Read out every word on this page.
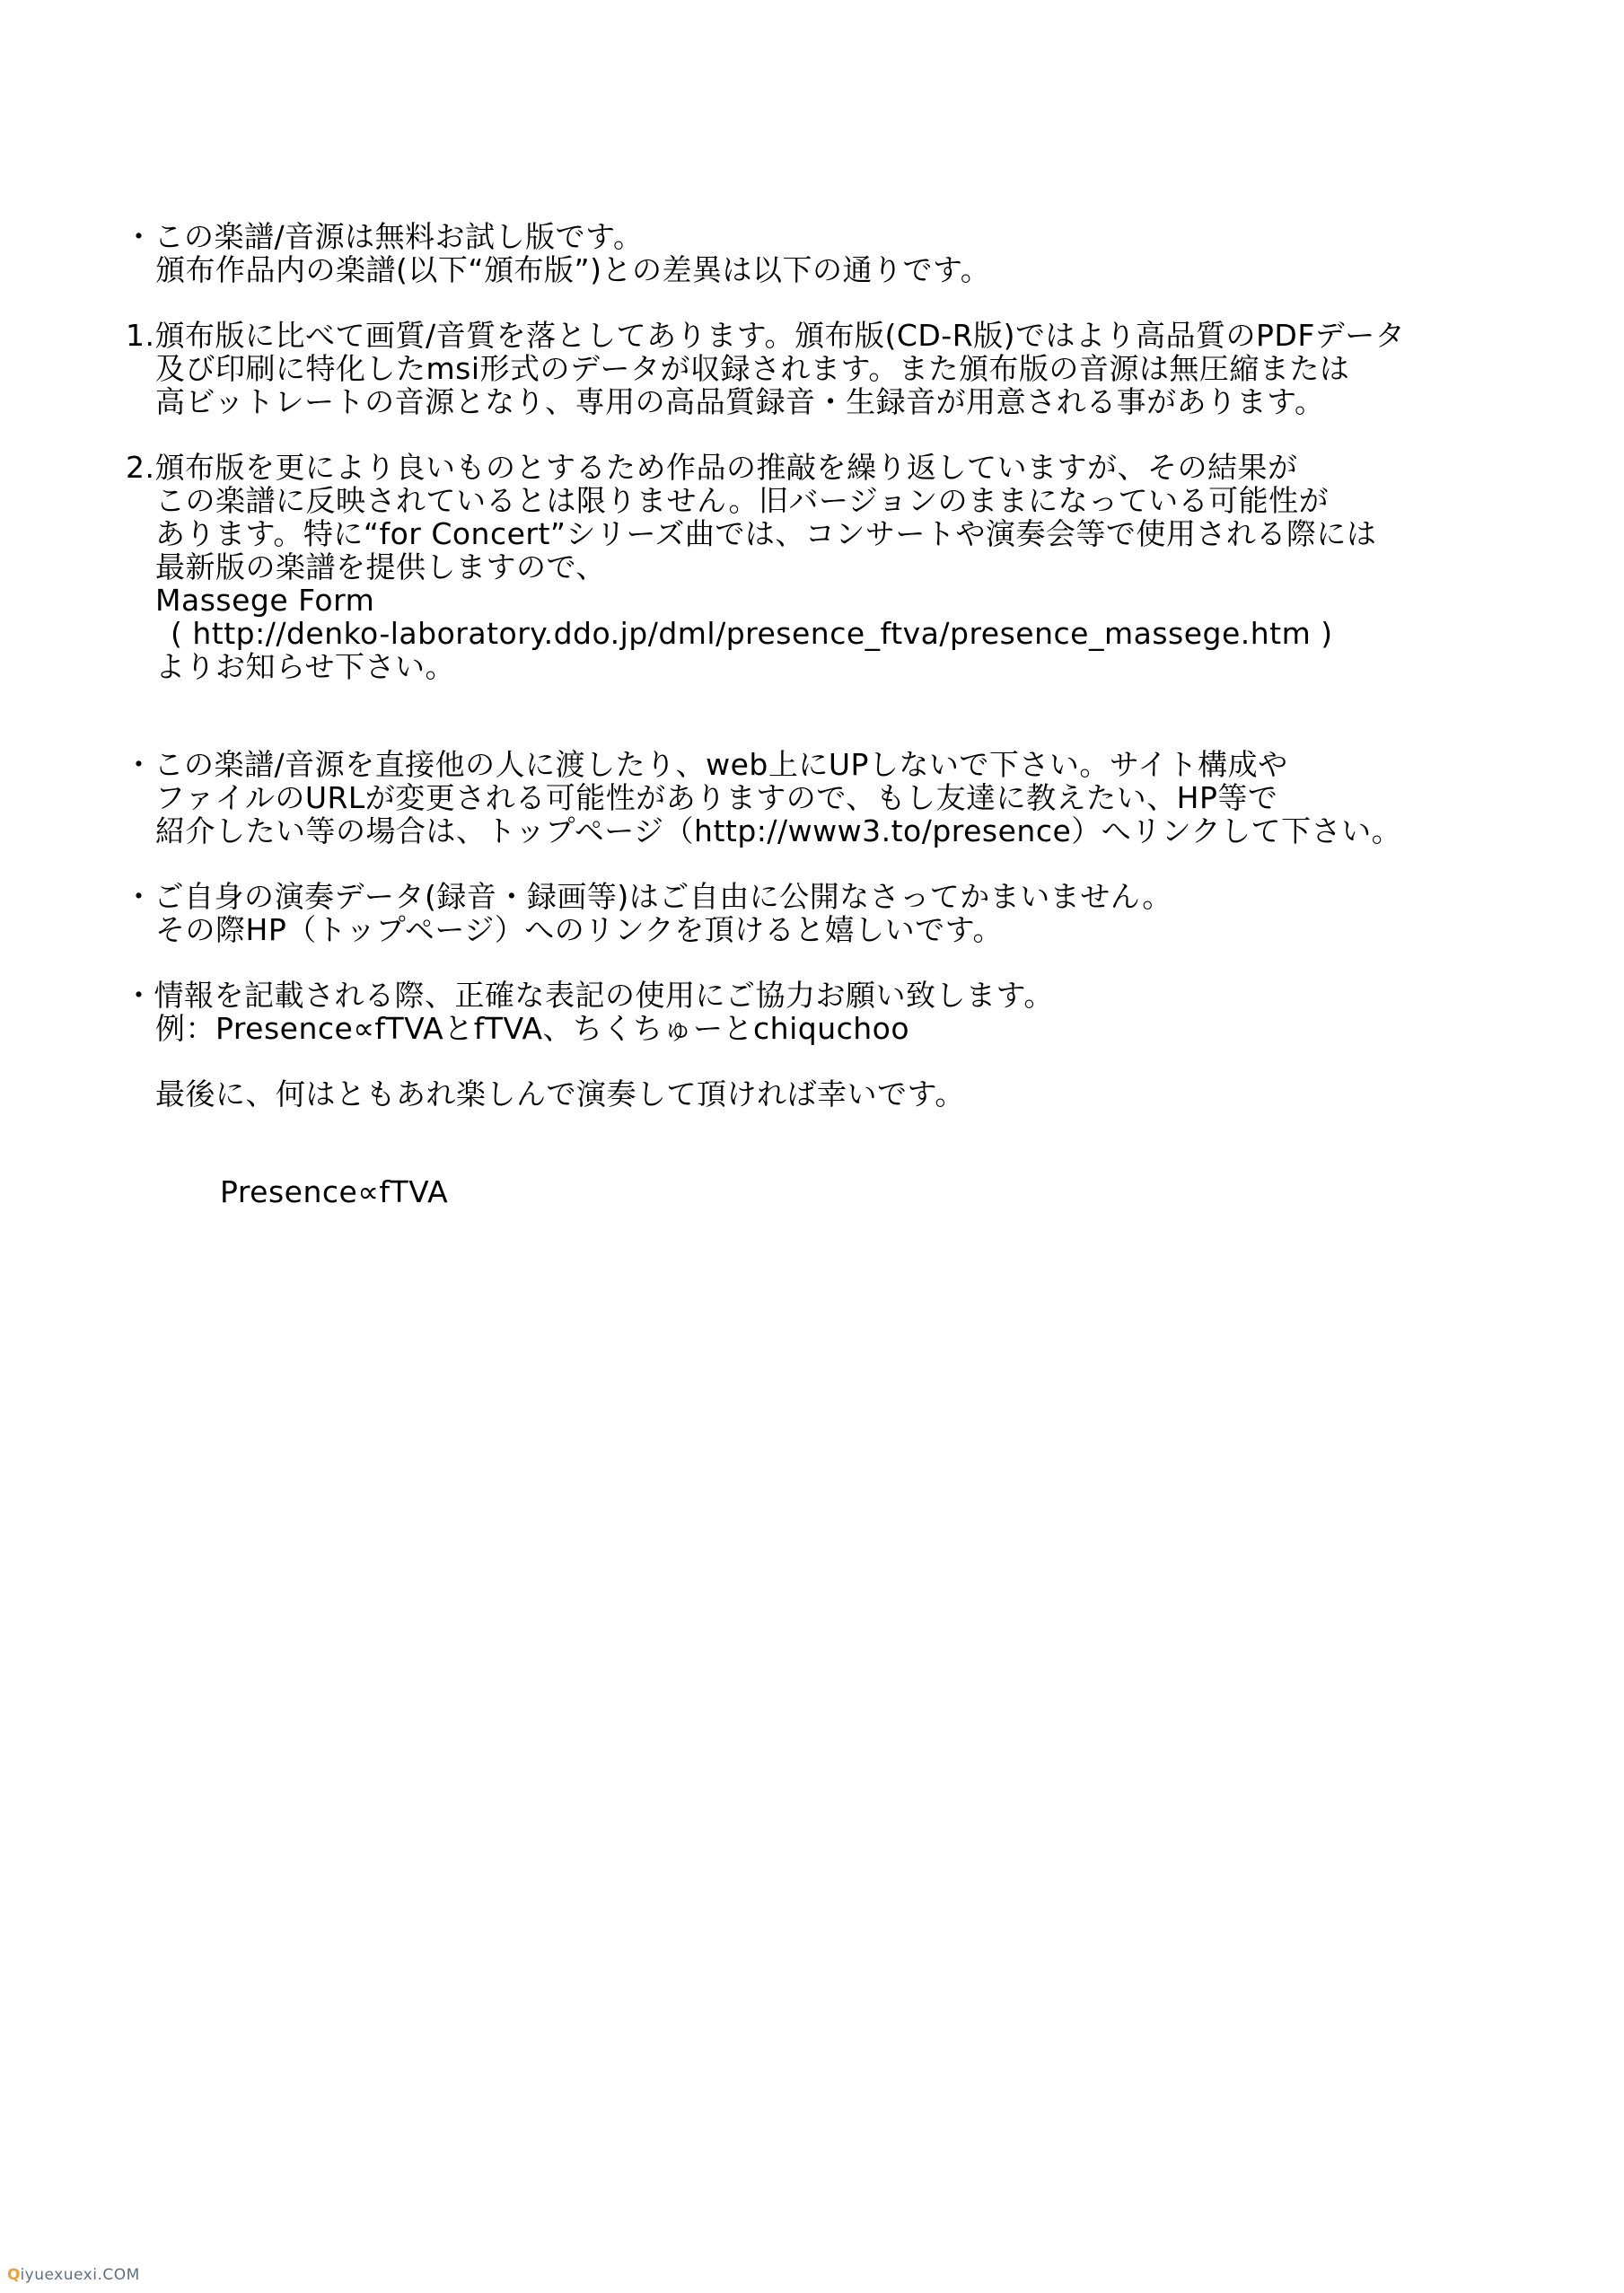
・この楽譜/音源は無料お試し版です。
頒布作品内の楽譜(以下“頒布版”)との差異は以下の通りです。
1.頒布版に比べて画質/音質を落としてあります。頒布版(CD-R版)ではより高品質のPDFデータ
及び印刷に特化したmsi形式のデータが収録されます。また頒布版の音源は無圧縮または
高ビットレートの音源となり、専用の高品質録音・生録音が用意される事があります。
2.頒布版を更により良いものとするため作品の推敲を繰り返していますが、その結果が
この楽譜に反映されているとは限りません。旧バージョンのままになっている可能性が
あります。特に“for Concert”シリーズ曲では、コンサートや演奏会等で使用される際には
最新版の楽譜を提供しますので、
Massege Form
( http://denko-laboratory.ddo.jp/dml/presence_ftva/presence_massege.htm )
よりお知らせ下さい。
・この楽譜/音源を直接他の人に渡したり、web上にUPしないで下さい。サイト構成や
ファイルのURLが変更される可能性がありますので、もし友達に教えたい、HP等で
紹介したい等の場合は、トップページ（http://www3.to/presence）へリンクして下さい。
・ご自身の演奏データ(録音・録画等)はご自由に公開なさってかまいません。
その際HP（トップページ）へのリンクを頂けると嬉しいです。
・情報を記載される際、正確な表記の使用にご協力お願い致します。
例：Presence∝fTVAとfTVA、ちくちゅーとchiquchoo
最後に、何はともあれ楽しんで演奏して頂ければ幸いです。
Presence∝fTVA
Qiyuexuexi.COM
